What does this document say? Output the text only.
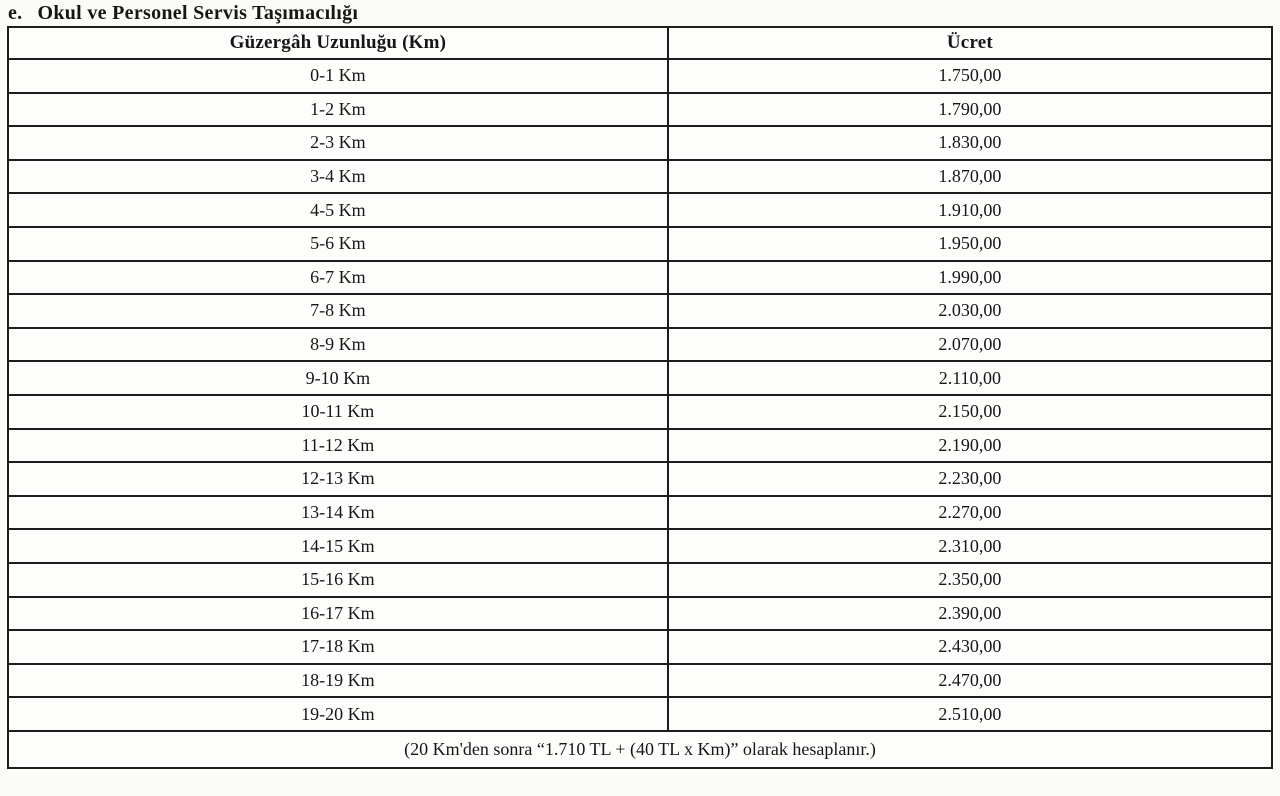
e. Okul ve Personel Servis Taşımacılığı
Güzergâh Uzunluğu (Km)	Ücret
0-1 Km	1.750,00
1-2 Km	1.790,00
2-3 Km	1.830,00
3-4 Km	1.870,00
4-5 Km	1.910,00
5-6 Km	1.950,00
6-7 Km	1.990,00
7-8 Km	2.030,00
8-9 Km	2.070,00
9-10 Km	2.110,00
10-11 Km	2.150,00
11-12 Km	2.190,00
12-13 Km	2.230,00
13-14 Km	2.270,00
14-15 Km	2.310,00
15-16 Km	2.350,00
16-17 Km	2.390,00
17-18 Km	2.430,00
18-19 Km	2.470,00
19-20 Km	2.510,00
(20 Km'den sonra “1.710 TL + (40 TL x Km)” olarak hesaplanır.)	
